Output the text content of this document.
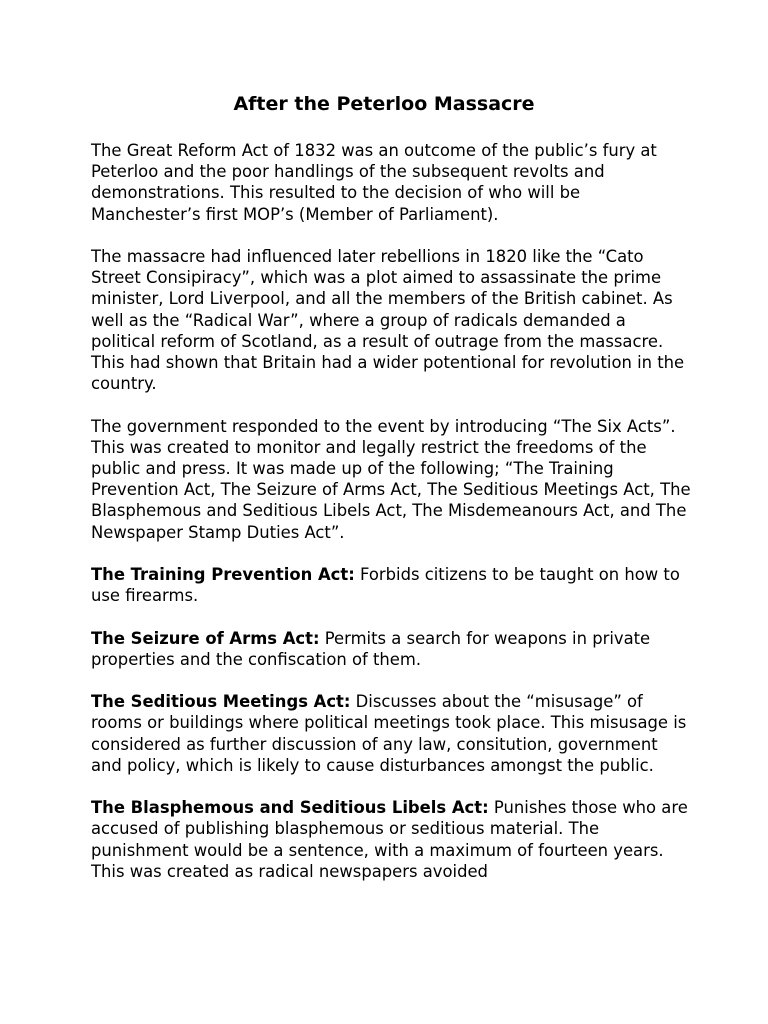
After the Peterloo Massacre

The Great Reform Act of 1832 was an outcome of the public’s fury at Peterloo and the poor handlings of the subsequent revolts and demonstrations. This resulted to the decision of who will be Manchester’s first MOP’s (Member of Parliament).

The massacre had influenced later rebellions in 1820 like the “Cato Street Consipiracy”, which was a plot aimed to assassinate the prime minister, Lord Liverpool, and all the members of the British cabinet. As well as the “Radical War”, where a group of radicals demanded a political reform of Scotland, as a result of outrage from the massacre. This had shown that Britain had a wider potentional for revolution in the country.

The government responded to the event by introducing “The Six Acts”. This was created to monitor and legally restrict the freedoms of the public and press. It was made up of the following; “The Training Prevention Act, The Seizure of Arms Act, The Seditious Meetings Act, The Blasphemous and Seditious Libels Act, The Misdemeanours Act, and The Newspaper Stamp Duties Act”.

The Training Prevention Act: Forbids citizens to be taught on how to use firearms.

The Seizure of Arms Act: Permits a search for weapons in private properties and the confiscation of them.

The Seditious Meetings Act: Discusses about the “misusage” of rooms or buildings where political meetings took place. This misusage is considered as further discussion of any law, consitution, government and policy, which is likely to cause disturbances amongst the public.

The Blasphemous and Seditious Libels Act: Punishes those who are accused of publishing blasphemous or seditious material. The punishment would be a sentence, with a maximum of fourteen years. This was created as radical newspapers avoided
